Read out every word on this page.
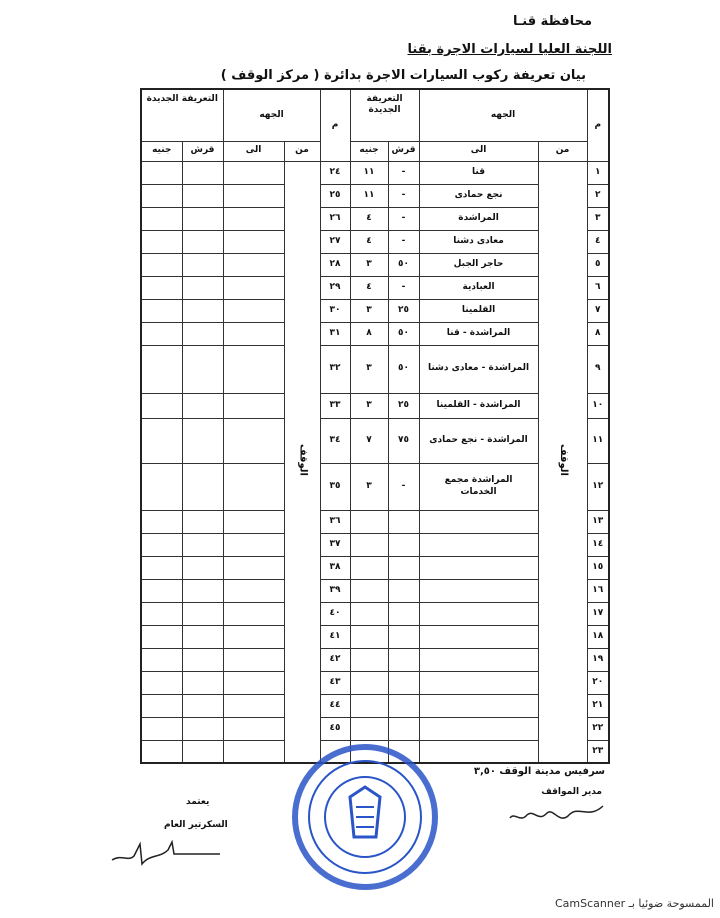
محافظة قنـا
اللجنة العليا لسيارات الاجرة بقنا
بيان تعريفة ركوب السيارات الاجرة بدائرة ( مركز الوقف )
م	الجهه		التعريفة الجديدة		م	الجهه		التعريفة الجديدة	
	من	الى	قرش	جنيه		من	الى	قرش	جنيه
١	الوقف	قنا	-	١١	٢٤	الوقف			
٢		نجع حمادى	-	١١	٢٥				
٣		المراشدة	-	٤	٢٦				
٤		معادى دشنا	-	٤	٢٧				
٥		حاجر الجبل	٥٠	٣	٢٨				
٦		العبادية	-	٤	٢٩				
٧		القلمينا	٢٥	٣	٣٠				
٨		المراشدة - قنا	٥٠	٨	٣١				
٩		المراشدة - معادى دشنا	٥٠	٣	٣٢				
١٠		المراشدة - القلمينا	٢٥	٣	٣٣				
١١		المراشدة - نجع حمادى	٧٥	٧	٣٤				
١٢		المراشدة مجمع الخدمات	-	٣	٣٥				
١٣					٣٦				
١٤					٣٧				
١٥					٣٨				
١٦					٣٩				
١٧					٤٠				
١٨					٤١				
١٩					٤٢				
٢٠					٤٣				
٢١					٤٤				
٢٢					٤٥				
٢٣									
سرفيس مدينة الوقف ٣,٥٠
مدير المواقف
يعتمد
السكرتير العام
الممسوحة ضوئيا بـ CamScanner
